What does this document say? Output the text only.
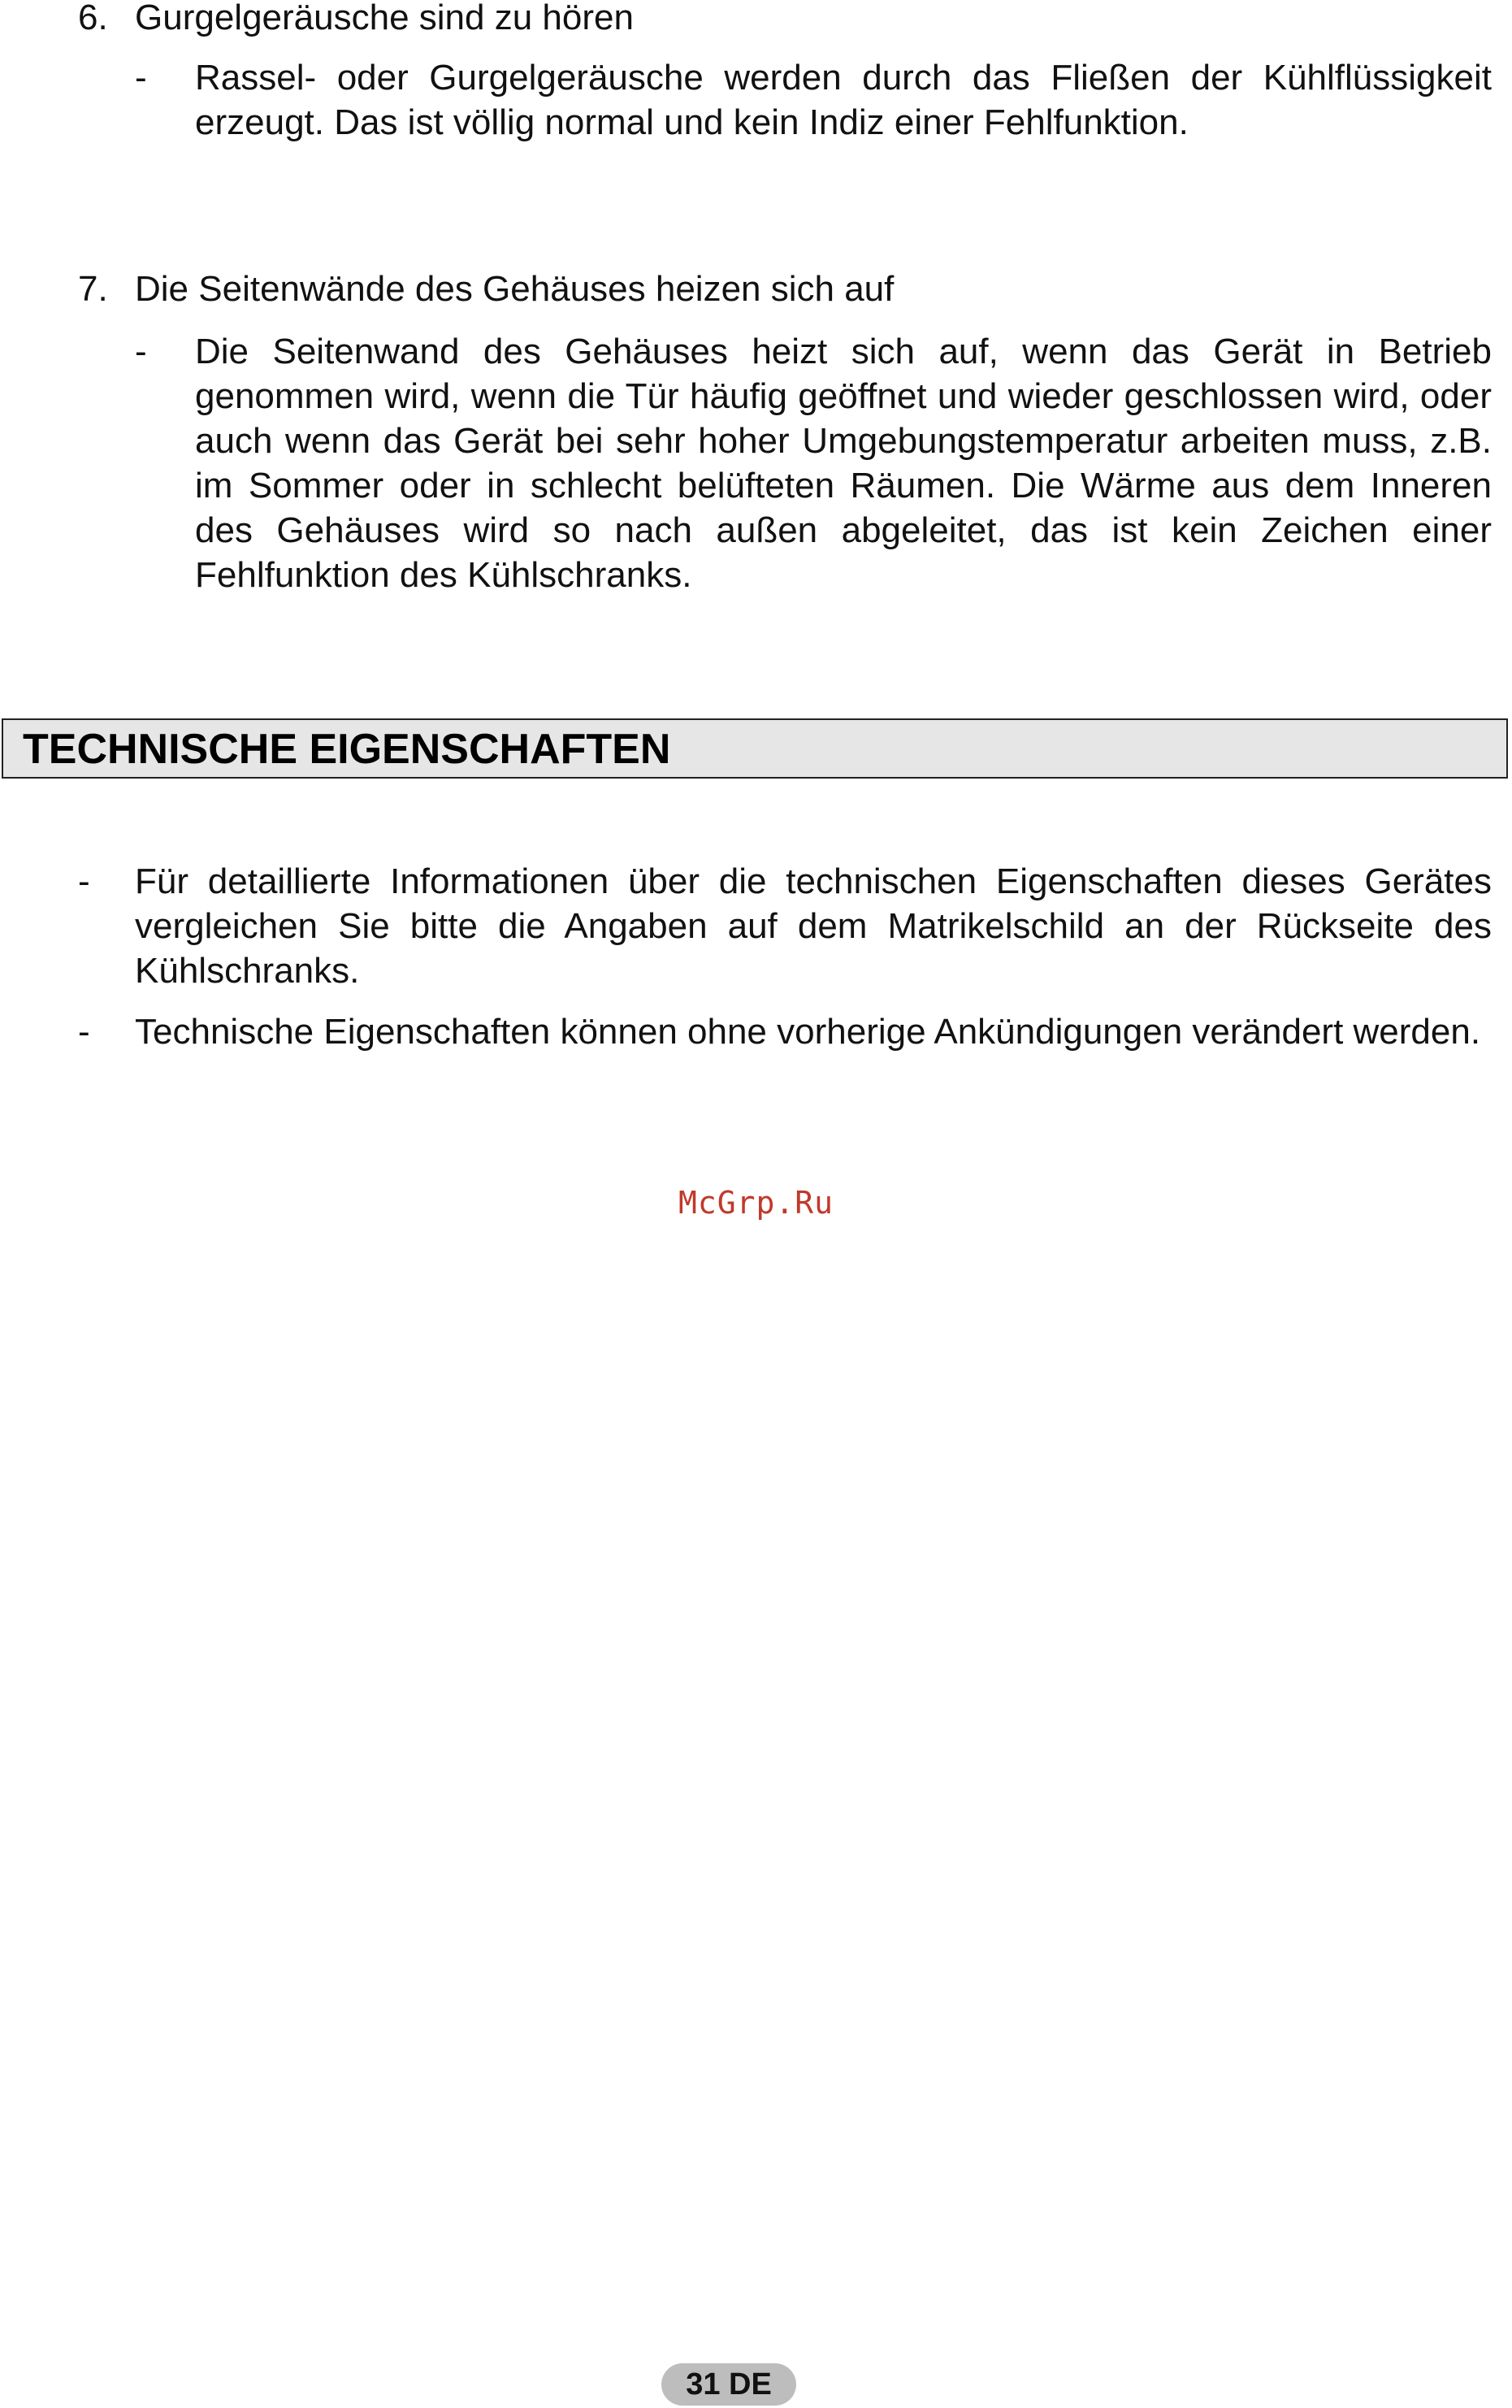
6. Gurgelgeräusche sind zu hören
- Rassel- oder Gurgelgeräusche werden durch das Fließen der Kühlflüssigkeit erzeugt. Das ist völlig normal und kein Indiz einer Fehlfunktion.
7. Die Seitenwände des Gehäuses heizen sich auf
- Die Seitenwand des Gehäuses heizt sich auf, wenn das Gerät in Betrieb genommen wird, wenn die Tür häufig geöffnet und wieder geschlossen wird, oder auch wenn das Gerät bei sehr hoher Umgebungstemperatur arbeiten muss, z.B. im Sommer oder in schlecht belüfteten Räumen. Die Wärme aus dem Inneren des Gehäuses wird so nach außen abgeleitet, das ist kein Zeichen einer Fehlfunktion des Kühlschranks.
TECHNISCHE EIGENSCHAFTEN
- Für detaillierte Informationen über die technischen Eigenschaften dieses Gerätes vergleichen Sie bitte die Angaben auf dem Matrikelschild an der Rückseite des Kühlschranks.
- Technische Eigenschaften können ohne vorherige Ankündigungen verändert werden.
McGrp.Ru
31 DE
